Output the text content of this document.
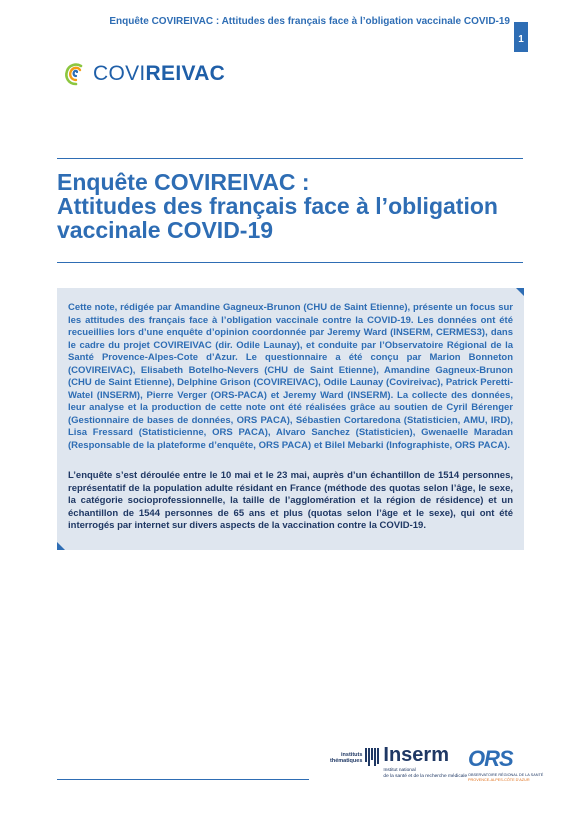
Enquête COVIREIVAC : Attitudes des français face à l’obligation vaccinale COVID-19
1
COVIREIVAC
Enquête COVIREIVAC :
Attitudes des français face à l’obligation
vaccinale COVID-19

Cette note, rédigée par Amandine Gagneux-Brunon (CHU de Saint Etienne), présente un focus sur les attitudes des français face à l’obligation vaccinale contre la COVID-19. Les données ont été recueillies lors d’une enquête d’opinion coordonnée par Jeremy Ward (INSERM, CERMES3), dans le cadre du projet COVIREIVAC (dir. Odile Launay), et conduite par l’Observatoire Régional de la Santé Provence-Alpes-Cote d’Azur. Le questionnaire a été conçu par Marion Bonneton (COVIREIVAC), Elisabeth Botelho-Nevers (CHU de Saint Etienne), Amandine Gagneux-Brunon (CHU de Saint Etienne), Delphine Grison (COVIREIVAC), Odile Launay (Covireivac), Patrick Peretti-Watel (INSERM), Pierre Verger (ORS-PACA) et Jeremy Ward (INSERM). La collecte des données, leur analyse et la production de cette note ont été réalisées grâce au soutien de Cyril Bérenger (Gestionnaire de bases de données, ORS PACA), Sébastien Cortaredona (Statisticien, AMU, IRD), Lisa Fressard (Statisticienne, ORS PACA), Alvaro Sanchez (Statisticien), Gwenaelle Maradan (Responsable de la plateforme d’enquête, ORS PACA) et Bilel Mebarki (Infographiste, ORS PACA).

L’enquête s’est déroulée entre le 10 mai et le 23 mai, auprès d’un échantillon de 1514 personnes, représentatif de la population adulte résidant en France (méthode des quotas selon l’âge, le sexe, la catégorie socioprofessionnelle, la taille de l’agglomération et la région de résidence) et un échantillon de 1544 personnes de 65 ans et plus (quotas selon l’âge et le sexe), qui ont été interrogés par internet sur divers aspects de la vaccination contre la COVID-19.

instituts
thématiques Inserm
Institut national
de la santé et de la recherche médicale
ORS
OBSERVATOIRE RÉGIONAL DE LA SANTÉ
PROVENCE-ALPES-CÔTE D’AZUR
